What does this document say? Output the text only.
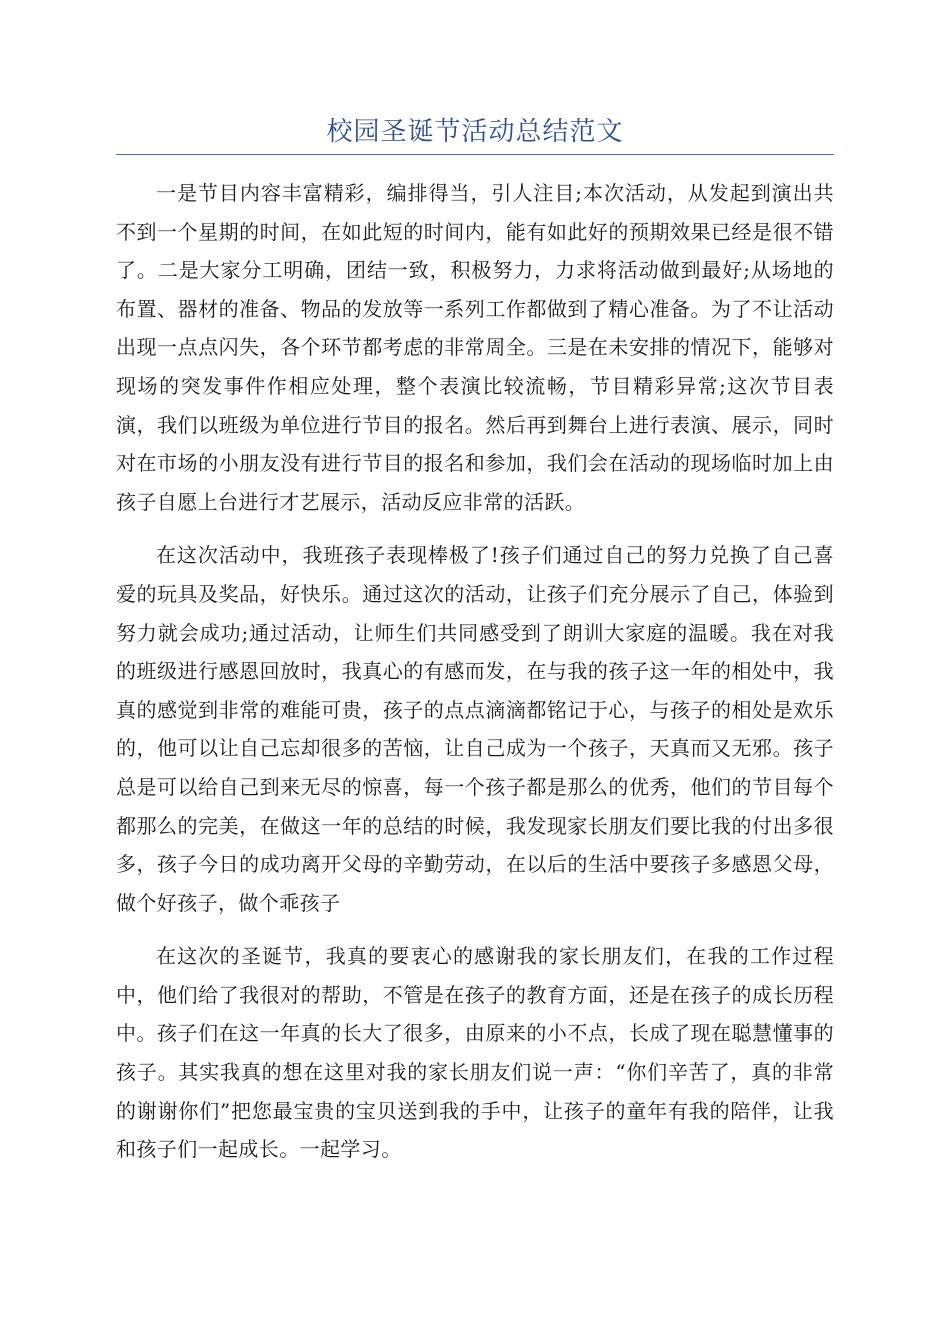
校园圣诞节活动总结范文

一是节目内容丰富精彩，编排得当，引人注目;本次活动，从发起到演出共不到一个星期的时间，在如此短的时间内，能有如此好的预期效果已经是很不错了。二是大家分工明确，团结一致，积极努力，力求将活动做到最好;从场地的布置、器材的准备、物品的发放等一系列工作都做到了精心准备。为了不让活动出现一点点闪失，各个环节都考虑的非常周全。三是在未安排的情况下，能够对现场的突发事件作相应处理，整个表演比较流畅，节目精彩异常;这次节目表演，我们以班级为单位进行节目的报名。然后再到舞台上进行表演、展示，同时对在市场的小朋友没有进行节目的报名和参加，我们会在活动的现场临时加上由孩子自愿上台进行才艺展示，活动反应非常的活跃。

在这次活动中，我班孩子表现棒极了!孩子们通过自己的努力兑换了自己喜爱的玩具及奖品，好快乐。通过这次的活动，让孩子们充分展示了自己，体验到努力就会成功;通过活动，让师生们共同感受到了朗训大家庭的温暖。我在对我的班级进行感恩回放时，我真心的有感而发，在与我的孩子这一年的相处中，我真的感觉到非常的难能可贵，孩子的点点滴滴都铭记于心，与孩子的相处是欢乐的，他可以让自己忘却很多的苦恼，让自己成为一个孩子，天真而又无邪。孩子总是可以给自己到来无尽的惊喜，每一个孩子都是那么的优秀，他们的节目每个都那么的完美，在做这一年的总结的时候，我发现家长朋友们要比我的付出多很多，孩子今日的成功离开父母的辛勤劳动，在以后的生活中要孩子多感恩父母，做个好孩子，做个乖孩子

在这次的圣诞节，我真的要衷心的感谢我的家长朋友们，在我的工作过程中，他们给了我很对的帮助，不管是在孩子的教育方面，还是在孩子的成长历程中。孩子们在这一年真的长大了很多，由原来的小不点，长成了现在聪慧懂事的孩子。其实我真的想在这里对我的家长朋友们说一声：“你们辛苦了，真的非常的谢谢你们”把您最宝贵的宝贝送到我的手中，让孩子的童年有我的陪伴，让我和孩子们一起成长。一起学习。
